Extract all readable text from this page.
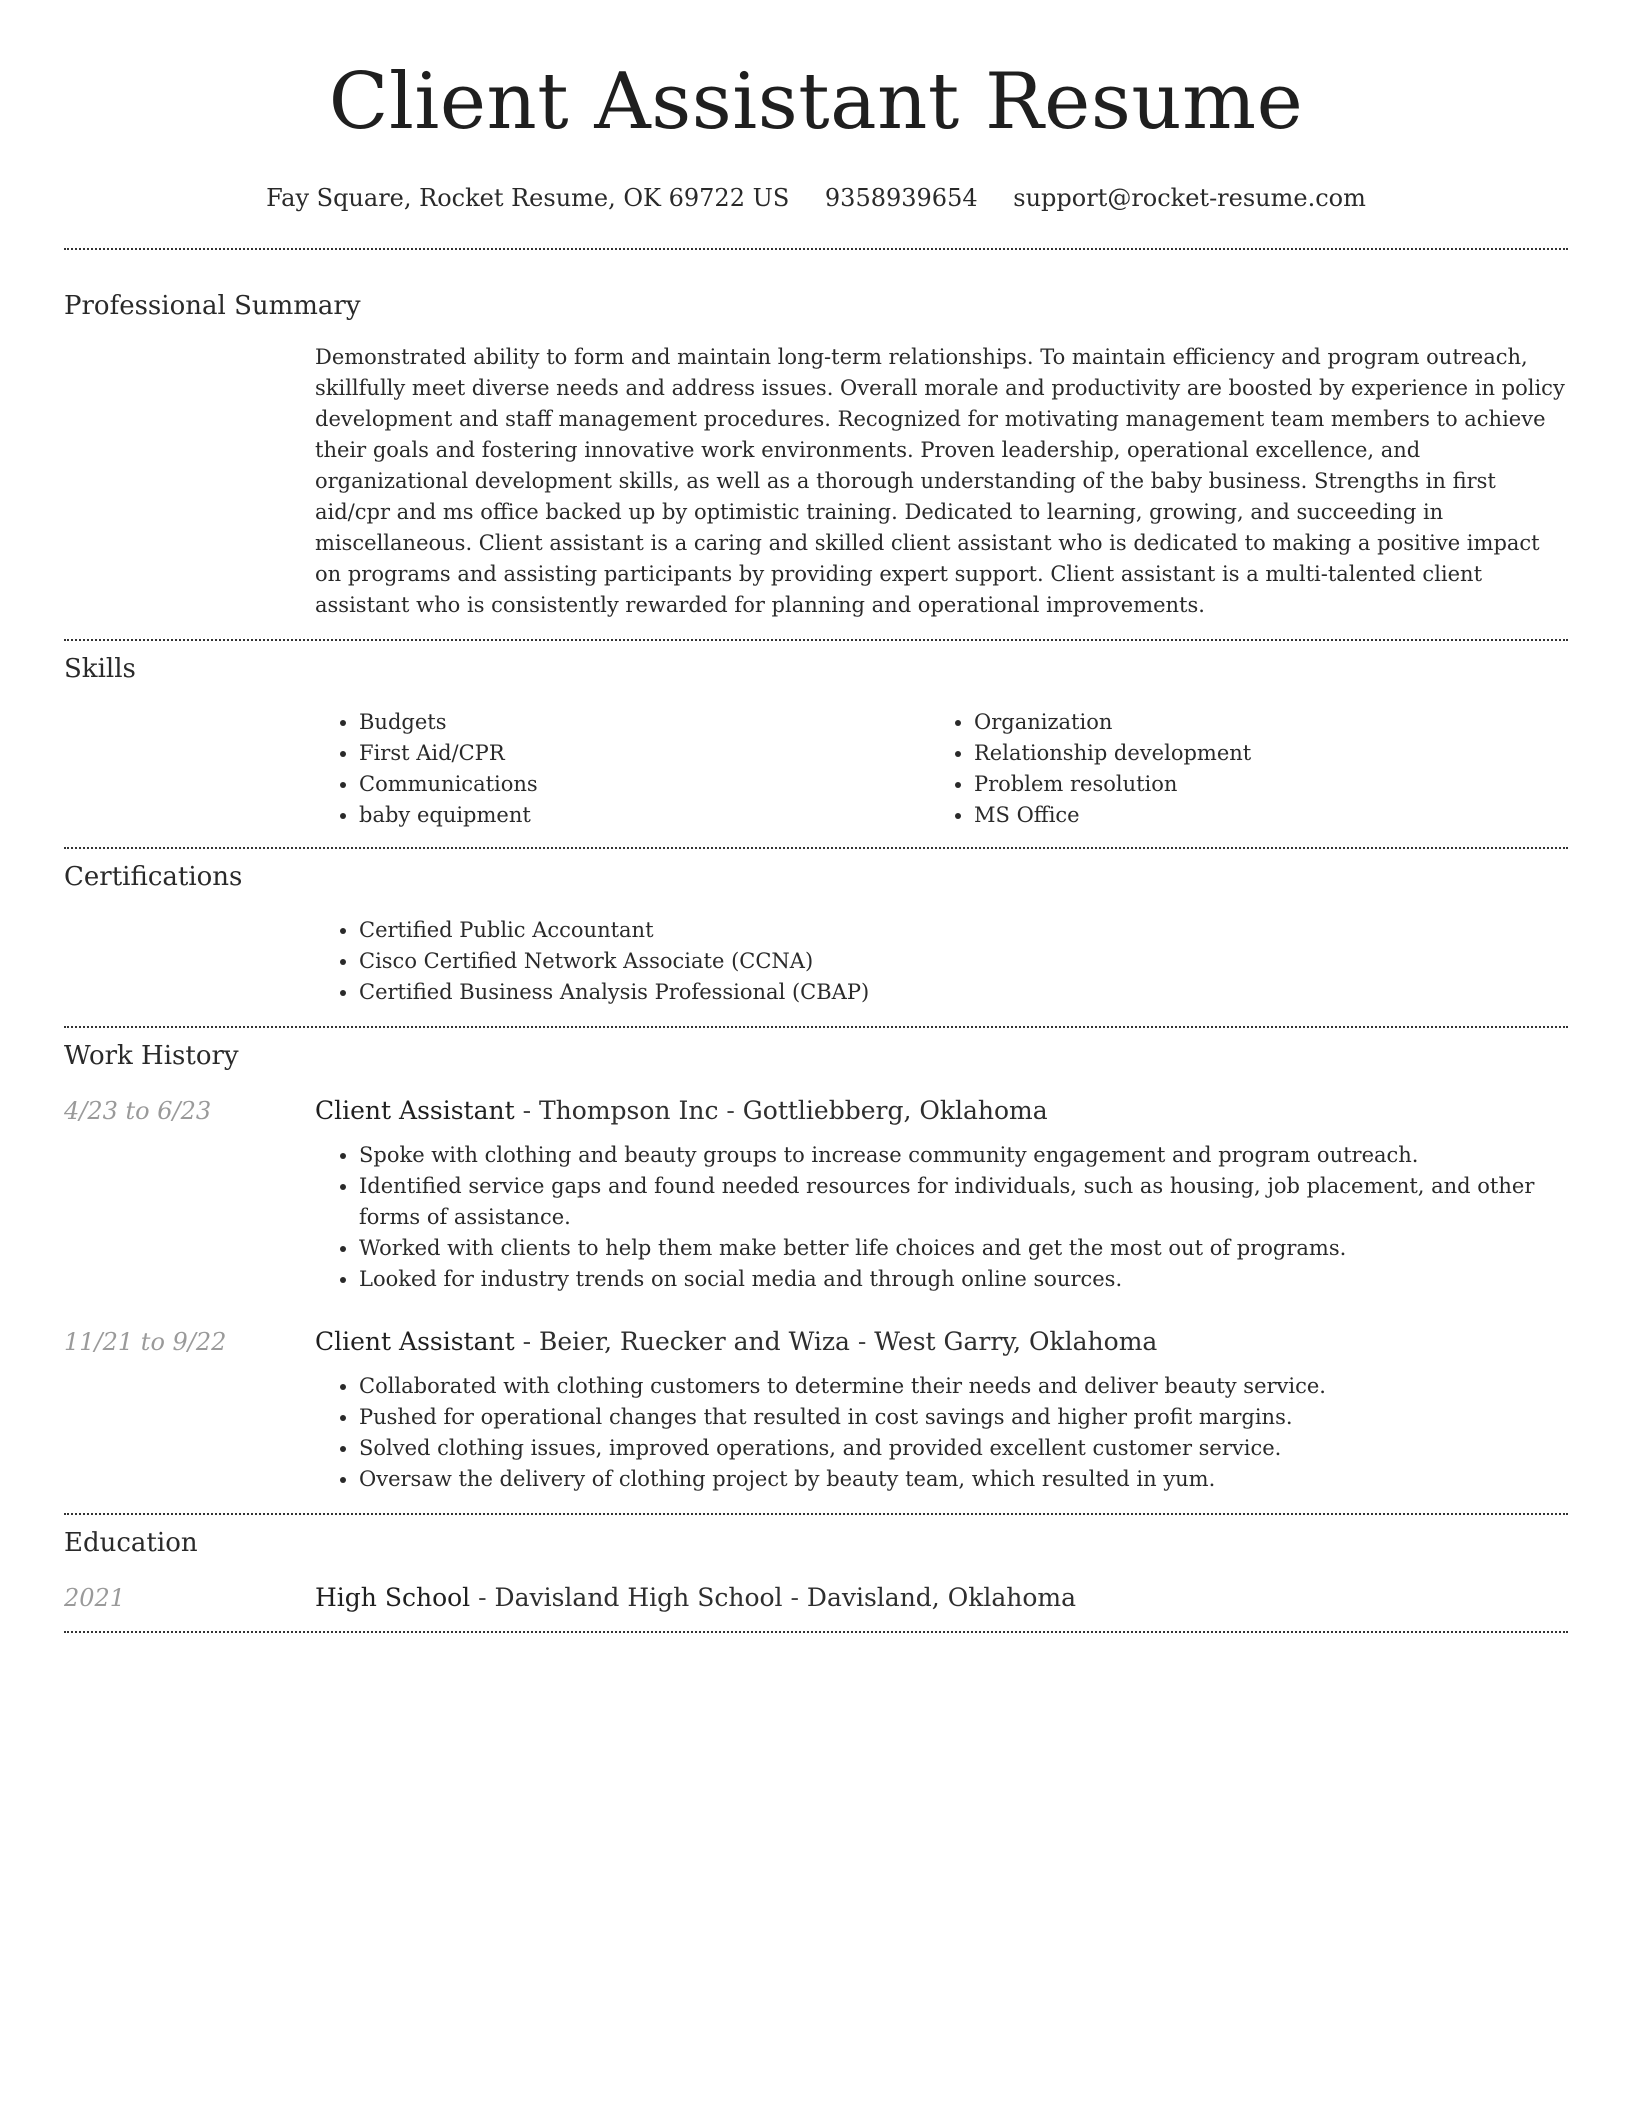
Client Assistant Resume
Fay Square, Rocket Resume, OK 69722 US 9358939654 support@rocket-resume.com
Professional Summary

Demonstrated ability to form and maintain long-term relationships. To maintain efficiency and program outreach, skillfully meet diverse needs and address issues. Overall morale and productivity are boosted by experience in policy development and staff management procedures. Recognized for motivating management team members to achieve their goals and fostering innovative work environments. Proven leadership, operational excellence, and organizational development skills, as well as a thorough understanding of the baby business. Strengths in first aid/cpr and ms office backed up by optimistic training. Dedicated to learning, growing, and succeeding in miscellaneous. Client assistant is a caring and skilled client assistant who is dedicated to making a positive impact on programs and assisting participants by providing expert support. Client assistant is a multi-talented client assistant who is consistently rewarded for planning and operational improvements.

Skills
• Budgets
• First Aid/CPR
• Communications
• baby equipment
• Organization
• Relationship development
• Problem resolution
• MS Office
Certifications
• Certified Public Accountant
• Cisco Certified Network Associate (CCNA)
• Certified Business Analysis Professional (CBAP)
Work History
4/23 to 6/23	Client Assistant - Thompson Inc - Gottliebberg, Oklahoma
• Spoke with clothing and beauty groups to increase community engagement and program outreach.
• Identified service gaps and found needed resources for individuals, such as housing, job placement, and other forms of assistance.
• Worked with clients to help them make better life choices and get the most out of programs.
• Looked for industry trends on social media and through online sources.
11/21 to 9/22	Client Assistant - Beier, Ruecker and Wiza - West Garry, Oklahoma
• Collaborated with clothing customers to determine their needs and deliver beauty service.
• Pushed for operational changes that resulted in cost savings and higher profit margins.
• Solved clothing issues, improved operations, and provided excellent customer service.
• Oversaw the delivery of clothing project by beauty team, which resulted in yum.
Education
2021	High School - Davisland High School - Davisland, Oklahoma
